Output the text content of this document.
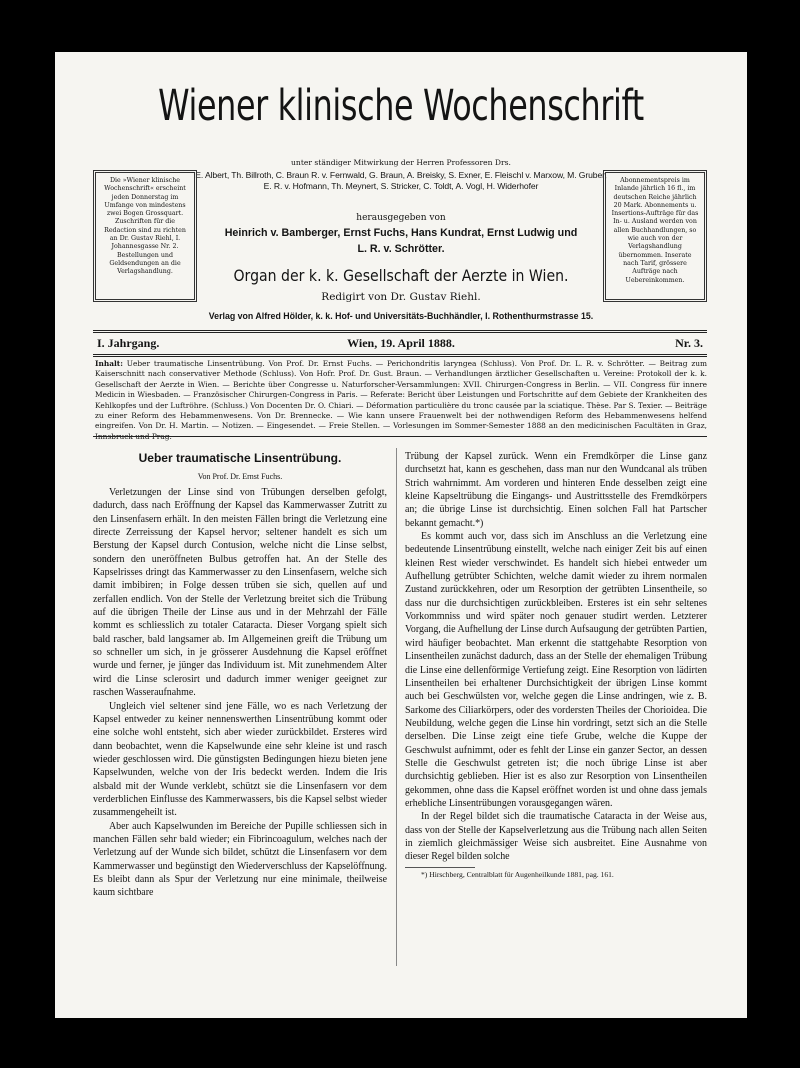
Wiener klinische Wochenschrift
unter ständiger Mitwirkung der Herren Professoren Drs.
E. Albert, Th. Billroth, C. Braun R. v. Fernwald, G. Braun, A. Breisky, S. Exner, E. Fleischl v. Marxow, M. Gruber, E. R. v. Hofmann, Th. Meynert, S. Stricker, C. Toldt, A. Vogl, H. Widerhofer
Die »Wiener klinische Wochenschrift« erscheint jeden Donnerstag im Umfange von mindestens zwei Bogen Grossquart. Zuschriften für die Redaction sind zu richten an Dr. Gustav Riehl, I. Johannesgasse Nr. 2. Bestellungen und Geldsendungen an die Verlagshandlung.
Abonnementspreis im Inlande jährlich 16 fl., im deutschen Reiche jährlich 20 Mark. Abonnements u. Insertions-Aufträge für das In- u. Ausland werden von allen Buchhandlungen, so wie auch von der Verlagshandlung übernommen. Inserate nach Tarif, grössere Aufträge nach Uebereinkommen.
herausgegeben von
Heinrich v. Bamberger, Ernst Fuchs, Hans Kundrat, Ernst Ludwig und
L. R. v. Schrötter.
Organ der k. k. Gesellschaft der Aerzte in Wien.
Redigirt von Dr. Gustav Riehl.
Verlag von Alfred Hölder, k. k. Hof- und Universitäts-Buchhändler, I. Rothenthurmstrasse 15.
I. Jahrgang.	Wien, 19. April 1888.	Nr. 3.
Inhalt: Ueber traumatische Linsentrübung. Von Prof. Dr. Ernst Fuchs. — Perichondritis laryngea (Schluss). Von Prof. Dr. L. R. v. Schrötter. — Beitrag zum Kaiserschnitt nach conservativer Methode (Schluss). Von Hofr. Prof. Dr. Gust. Braun. — Verhandlungen ärztlicher Gesellschaften u. Vereine: Protokoll der k. k. Gesellschaft der Aerzte in Wien. — Berichte über Congresse u. Naturforscher-Versammlungen: XVII. Chirurgen-Congress in Berlin. — VII. Congress für innere Medicin in Wiesbaden. — Französischer Chirurgen-Congress in Paris. — Referate: Bericht über Leistungen und Fortschritte auf dem Gebiete der Krankheiten des Kehlkopfes und der Luftröhre. (Schluss.) Von Docenten Dr. O. Chiari. — Déformation particulière du tronc causée par la sciatique. Thèse. Par S. Texier. — Beiträge zu einer Reform des Hebammenwesens. Von Dr. Brennecke. — Wie kann unsere Frauenwelt bei der nothwendigen Reform des Hebammenwesens helfend eingreifen. Von Dr. H. Martin. — Notizen. — Eingesendet. — Freie Stellen. — Vorlesungen im Sommer-Semester 1888 an den medicinischen Facultäten in Graz, Innsbruck und Prag.
Ueber traumatische Linsentrübung.
Von Prof. Dr. Ernst Fuchs.

Verletzungen der Linse sind von Trübungen derselben gefolgt, dadurch, dass nach Eröffnung der Kapsel das Kammerwasser Zutritt zu den Linsenfasern erhält. In den meisten Fällen bringt die Verletzung eine directe Zerreissung der Kapsel hervor; seltener handelt es sich um Berstung der Kapsel durch Contusion, welche nicht die Linse selbst, sondern den uneröffneten Bulbus getroffen hat. An der Stelle des Kapselrisses dringt das Kammerwasser zu den Linsenfasern, welche sich damit imbibiren; in Folge dessen trüben sie sich, quellen auf und zerfallen endlich. Von der Stelle der Verletzung breitet sich die Trübung auf die übrigen Theile der Linse aus und in der Mehrzahl der Fälle kommt es schliesslich zu totaler Cataracta. Dieser Vorgang spielt sich bald rascher, bald langsamer ab. Im Allgemeinen greift die Trübung um so schneller um sich, in je grösserer Ausdehnung die Kapsel eröffnet wurde und ferner, je jünger das Individuum ist. Mit zunehmendem Alter wird die Linse sclerosirt und dadurch immer weniger geeignet zur raschen Wasseraufnahme.

Ungleich viel seltener sind jene Fälle, wo es nach Verletzung der Kapsel entweder zu keiner nennenswerthen Linsentrübung kommt oder eine solche wohl entsteht, sich aber wieder zurückbildet. Ersteres wird dann beobachtet, wenn die Kapselwunde eine sehr kleine ist und rasch wieder geschlossen wird. Die günstigsten Bedingungen hiezu bieten jene Kapselwunden, welche von der Iris bedeckt werden. Indem die Iris alsbald mit der Wunde verklebt, schützt sie die Linsenfasern vor dem verderblichen Einflusse des Kammerwassers, bis die Kapsel selbst wieder zusammengeheilt ist.

Aber auch Kapselwunden im Bereiche der Pupille schliessen sich in manchen Fällen sehr bald wieder; ein Fibrincoagulum, welches nach der Verletzung auf der Wunde sich bildet, schützt die Linsenfasern vor dem Kammerwasser und begünstigt den Wiederverschluss der Kapselöffnung. Es bleibt dann als Spur der Verletzung nur eine minimale, theilweise kaum sichtbare

Trübung der Kapsel zurück. Wenn ein Fremdkörper die Linse ganz durchsetzt hat, kann es geschehen, dass man nur den Wundcanal als trüben Strich wahrnimmt. Am vorderen und hinteren Ende desselben zeigt eine kleine Kapseltrübung die Eingangs- und Austrittsstelle des Fremdkörpers an; die übrige Linse ist durchsichtig. Einen solchen Fall hat Partscher bekannt gemacht.*)

Es kommt auch vor, dass sich im Anschluss an die Verletzung eine bedeutende Linsentrübung einstellt, welche nach einiger Zeit bis auf einen kleinen Rest wieder verschwindet. Es handelt sich hiebei entweder um Aufhellung getrübter Schichten, welche damit wieder zu ihrem normalen Zustand zurückkehren, oder um Resorption der getrübten Linsentheile, so dass nur die durchsichtigen zurückbleiben. Ersteres ist ein sehr seltenes Vorkommniss und wird später noch genauer studirt werden. Letzterer Vorgang, die Aufhellung der Linse durch Aufsaugung der getrübten Partien, wird häufiger beobachtet. Man erkennt die stattgehabte Resorption von Linsentheilen zunächst dadurch, dass an der Stelle der ehemaligen Trübung die Linse eine dellenförmige Vertiefung zeigt. Eine Resorption von lädirten Linsentheilen bei erhaltener Durchsichtigkeit der übrigen Linse kommt auch bei Geschwülsten vor, welche gegen die Linse andringen, wie z. B. Sarkome des Ciliarkörpers, oder des vordersten Theiles der Chorioidea. Die Neubildung, welche gegen die Linse hin vordringt, setzt sich an die Stelle derselben. Die Linse zeigt eine tiefe Grube, welche die Kuppe der Geschwulst aufnimmt, oder es fehlt der Linse ein ganzer Sector, an dessen Stelle die Geschwulst getreten ist; die noch übrige Linse ist aber durchsichtig geblieben. Hier ist es also zur Resorption von Linsentheilen gekommen, ohne dass die Kapsel eröffnet worden ist und ohne dass jemals erhebliche Linsentrübungen vorausgegangen wären.

In der Regel bildet sich die traumatische Cataracta in der Weise aus, dass von der Stelle der Kapselverletzung aus die Trübung nach allen Seiten in ziemlich gleichmässiger Weise sich ausbreitet. Eine Ausnahme von dieser Regel bilden solche

*) Hirschberg, Centralblatt für Augenheilkunde 1881, pag. 161.
